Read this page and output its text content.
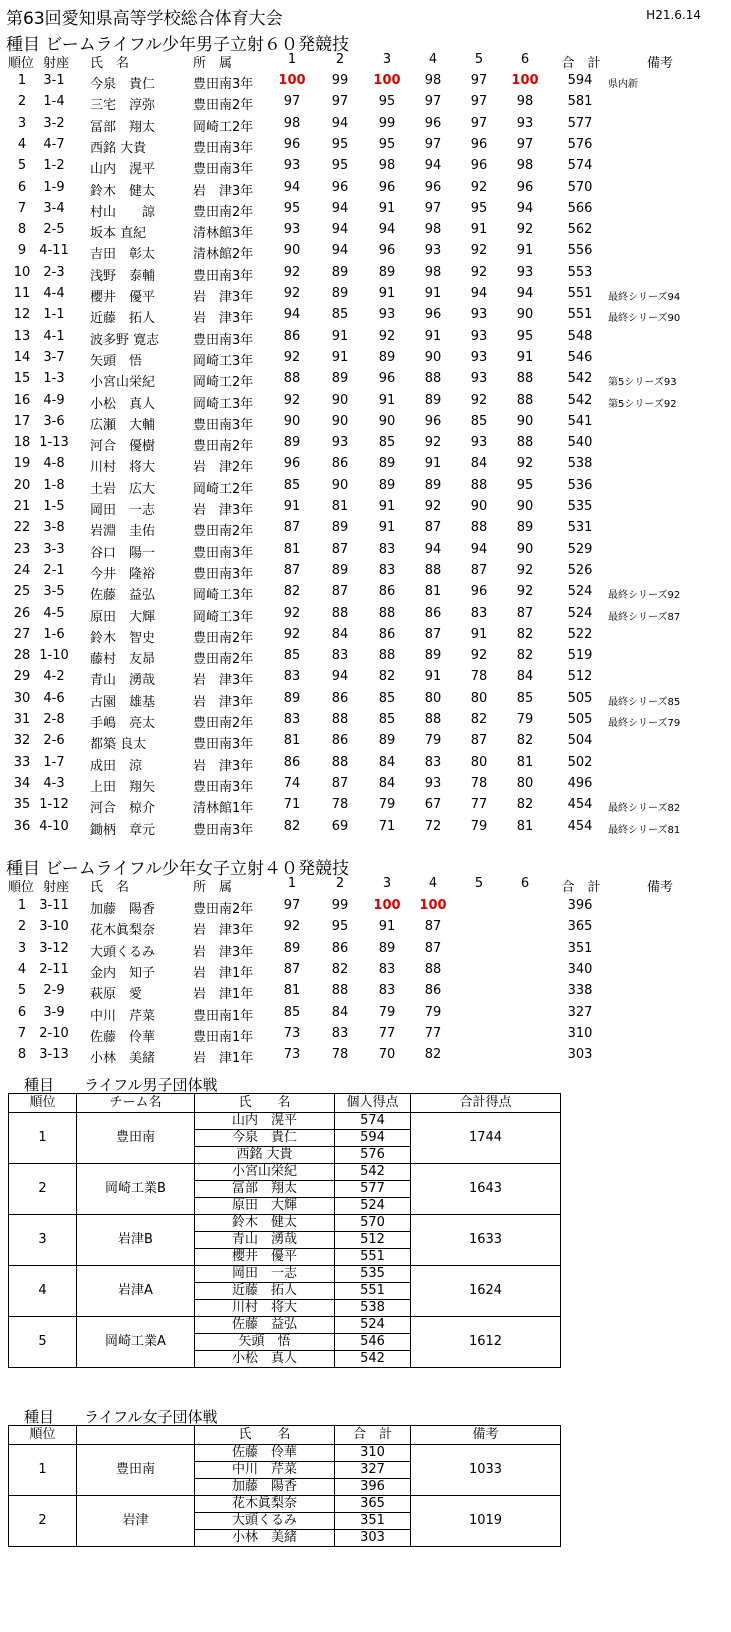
第63回愛知県高等学校総合体育大会	H21.6.14
種目 ビームライフル少年男子立射６０発競技
順位 射座	氏　名	所　属	1	2	3	4	5	6	合　計	備考
1	3-1	今泉　貴仁	豊田南3年	100	99	100	98	97	100	594	県内新
2	1-4	三宅　淳弥	豊田南2年	97	97	95	97	97	98	581
3	3-2	冨部　翔太	岡崎工2年	98	94	99	96	97	93	577
4	4-7	西銘 大貴	豊田南3年	96	95	95	97	96	97	576
5	1-2	山内　滉平	豊田南3年	93	95	98	94	96	98	574
6	1-9	鈴木　健太	岩　津3年	94	96	96	96	92	96	570
7	3-4	村山　　諒	豊田南2年	95	94	91	97	95	94	566
8	2-5	坂本 直紀	清林館3年	93	94	94	98	91	92	562
9	4-11	吉田　彰太	清林館2年	90	94	96	93	92	91	556
10	2-3	浅野　泰輔	豊田南3年	92	89	89	98	92	93	553
11	4-4	櫻井　優平	岩　津3年	92	89	91	91	94	94	551	最終シリーズ94
12	1-1	近藤　拓人	岩　津3年	94	85	93	96	93	90	551	最終シリーズ90
13	4-1	波多野 寛志	豊田南3年	86	91	92	91	93	95	548
14	3-7	矢頭　悟	岡崎工3年	92	91	89	90	93	91	546
15	1-3	小宮山栄紀	岡崎工2年	88	89	96	88	93	88	542	第5シリーズ93
16	4-9	小松　真人	岡崎工3年	92	90	91	89	92	88	542	第5シリーズ92
17	3-6	広瀬　大輔	豊田南3年	90	90	90	96	85	90	541
18 1-13	河合　優樹	豊田南2年	89	93	85	92	93	88	540
19	4-8	川村　将大	岩　津2年	96	86	89	91	84	92	538
20	1-8	土岩　広大	岡崎工2年	85	90	89	89	88	95	536
21	1-5	岡田　一志	岩　津3年	91	81	91	92	90	90	535
22	3-8	岩淵　圭佑	豊田南2年	87	89	91	87	88	89	531
23	3-3	谷口　陽一	豊田南3年	81	87	83	94	94	90	529
24	2-1	今井　隆裕	豊田南3年	87	89	83	88	87	92	526
25	3-5	佐藤　益弘	岡崎工3年	82	87	86	81	96	92	524	最終シリーズ92
26	4-5	原田　大輝	岡崎工3年	92	88	88	86	83	87	524	最終シリーズ87
27	1-6	鈴木　智史	豊田南2年	92	84	86	87	91	82	522
28 1-10	藤村　友昴	豊田南2年	85	83	88	89	92	82	519
29	4-2	青山　湧哉	岩　津3年	83	94	82	91	78	84	512
30	4-6	古園　雄基	岩　津3年	89	86	85	80	80	85	505	最終シリーズ85
31	2-8	手嶋　亮太	豊田南2年	83	88	85	88	82	79	505	最終シリーズ79
32	2-6	都築 良太	豊田南3年	81	86	89	79	87	82	504
33	1-7	成田　涼	岩　津3年	86	88	84	83	80	81	502
34	4-3	上田　翔矢	豊田南3年	74	87	84	93	78	80	496
35 1-12	河合　椋介	清林館1年	71	78	79	67	77	82	454	最終シリーズ82
36 4-10	鋤柄　章元	豊田南3年	82	69	71	72	79	81	454	最終シリーズ81
種目 ビームライフル少年女子立射４０発競技
順位 射座	氏　名	所　属	1	2	3	4	5	6	合　計	備考
1	3-11	加藤　陽香	豊田南2年	97	99	100 100	396
2	3-10	花木眞梨奈	岩　津3年	92	95	91	87	365
3	3-12	大頭くるみ	岩　津3年	89	86	89	87	351
4	2-11	金内　知子	岩　津1年	87	82	83	88	340
5	2-9	萩原　愛	岩　津1年	81	88	83	86	338
6	3-9	中川　芹菜	豊田南1年	85	84	79	79	327
7	2-10	佐藤　伶華	豊田南1年	73	83	77	77	310
8	3-13	小林　美緒	岩　津1年	73	78	70	82	303
種目　　ライフル男子団体戦
順位	チーム名	氏　　名	個人得点	合計得点
1	豊田南	山内　滉平	574	1744
		今泉　貴仁	594	
		西銘 大貴	576	
2	岡崎工業B	小宮山栄紀	542	1643
		冨部　翔太	577	
		原田　大輝	524	
3	岩津B	鈴木　健太	570	1633
		青山　湧哉	512	
		櫻井　優平	551	
4	岩津A	岡田　一志	535	1624
		近藤　拓人	551	
		川村　将大	538	
5	岡崎工業A	佐藤　益弘	524	1612
		矢頭　悟	546	
		小松　真人	542	
種目　　ライフル女子団体戦
順位		氏　　名	合　計	備考
1	豊田南	佐藤　伶華	310	1033
		中川　芹菜	327	
		加藤　陽香	396	
2	岩津	花木眞梨奈	365	1019
		大頭くるみ	351	
		小林　美緒	303	
